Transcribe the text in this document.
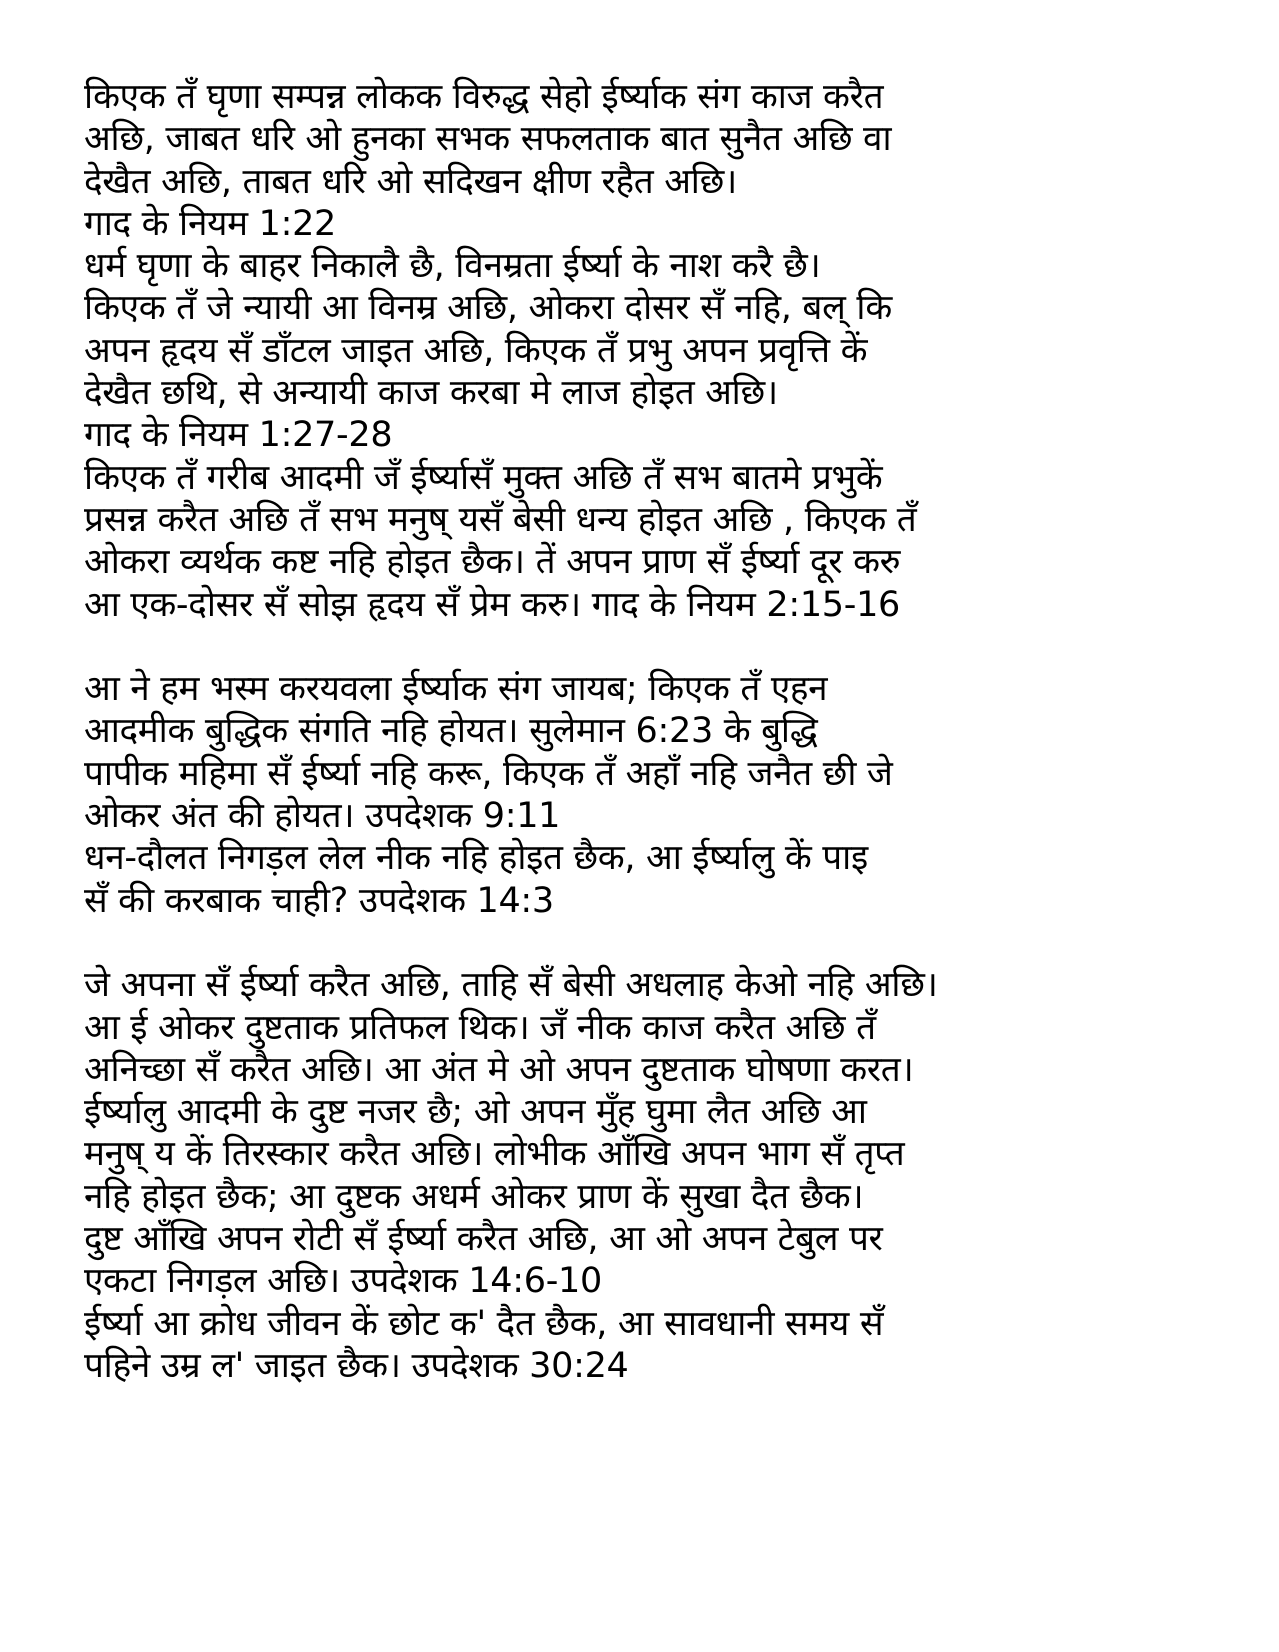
किएक तँ घृणा सम्पन्न लोकक विरुद्ध सेहो ईर्ष्याक संग काज करैत
अछि, जाबत धरि ओ हुनका सभक सफलताक बात सुनैत अछि वा
देखैत अछि, ताबत धरि ओ सदिखन क्षीण रहैत अछि।
गाद के नियम 1:22
धर्म घृणा के बाहर निकालै छै, विनम्रता ईर्ष्या के नाश करै छै।
किएक तँ जे न्यायी आ विनम्र अछि, ओकरा दोसर सँ नहि, बल् कि
अपन हृदय सँ डाँटल जाइत अछि, किएक तँ प्रभु अपन प्रवृत्ति कें
देखैत छथि, से अन्यायी काज करबा मे लाज होइत अछि।
गाद के नियम 1:27-28
किएक तँ गरीब आदमी जँ ईर्ष्यासँ मुक्त अछि तँ सभ बातमे प्रभुकें
प्रसन्न करैत अछि तँ सभ मनुष् यसँ बेसी धन्य होइत अछि , किएक तँ
ओकरा व्यर्थक कष्ट नहि होइत छैक। तें अपन प्राण सँ ईर्ष्या दूर करु
आ एक-दोसर सँ सोझ हृदय सँ प्रेम करु। गाद के नियम 2:15-16
आ ने हम भस्म करयवला ईर्ष्याक संग जायब; किएक तँ एहन
आदमीक बुद्धिक संगति नहि होयत। सुलेमान 6:23 के बुद्धि
पापीक महिमा सँ ईर्ष्या नहि करू, किएक तँ अहाँ नहि जनैत छी जे
ओकर अंत की होयत। उपदेशक 9:11
धन-दौलत निगड़ल लेल नीक नहि होइत छैक, आ ईर्ष्यालु कें पाइ
सँ की करबाक चाही? उपदेशक 14:3
जे अपना सँ ईर्ष्या करैत अछि, ताहि सँ बेसी अधलाह केओ नहि अछि।
आ ई ओकर दुष्टताक प्रतिफल थिक। जँ नीक काज करैत अछि तँ
अनिच्छा सँ करैत अछि। आ अंत मे ओ अपन दुष्टताक घोषणा करत।
ईर्ष्यालु आदमी के दुष्ट नजर छै; ओ अपन मुँह घुमा लैत अछि आ
मनुष् य कें तिरस्कार करैत अछि। लोभीक आँखि अपन भाग सँ तृप्त
नहि होइत छैक; आ दुष्टक अधर्म ओकर प्राण कें सुखा दैत छैक।
दुष्ट आँखि अपन रोटी सँ ईर्ष्या करैत अछि, आ ओ अपन टेबुल पर
एकटा निगड़ल अछि। उपदेशक 14:6-10
ईर्ष्या आ क्रोध जीवन कें छोट क' दैत छैक, आ सावधानी समय सँ
पहिने उम्र ल' जाइत छैक। उपदेशक 30:24
